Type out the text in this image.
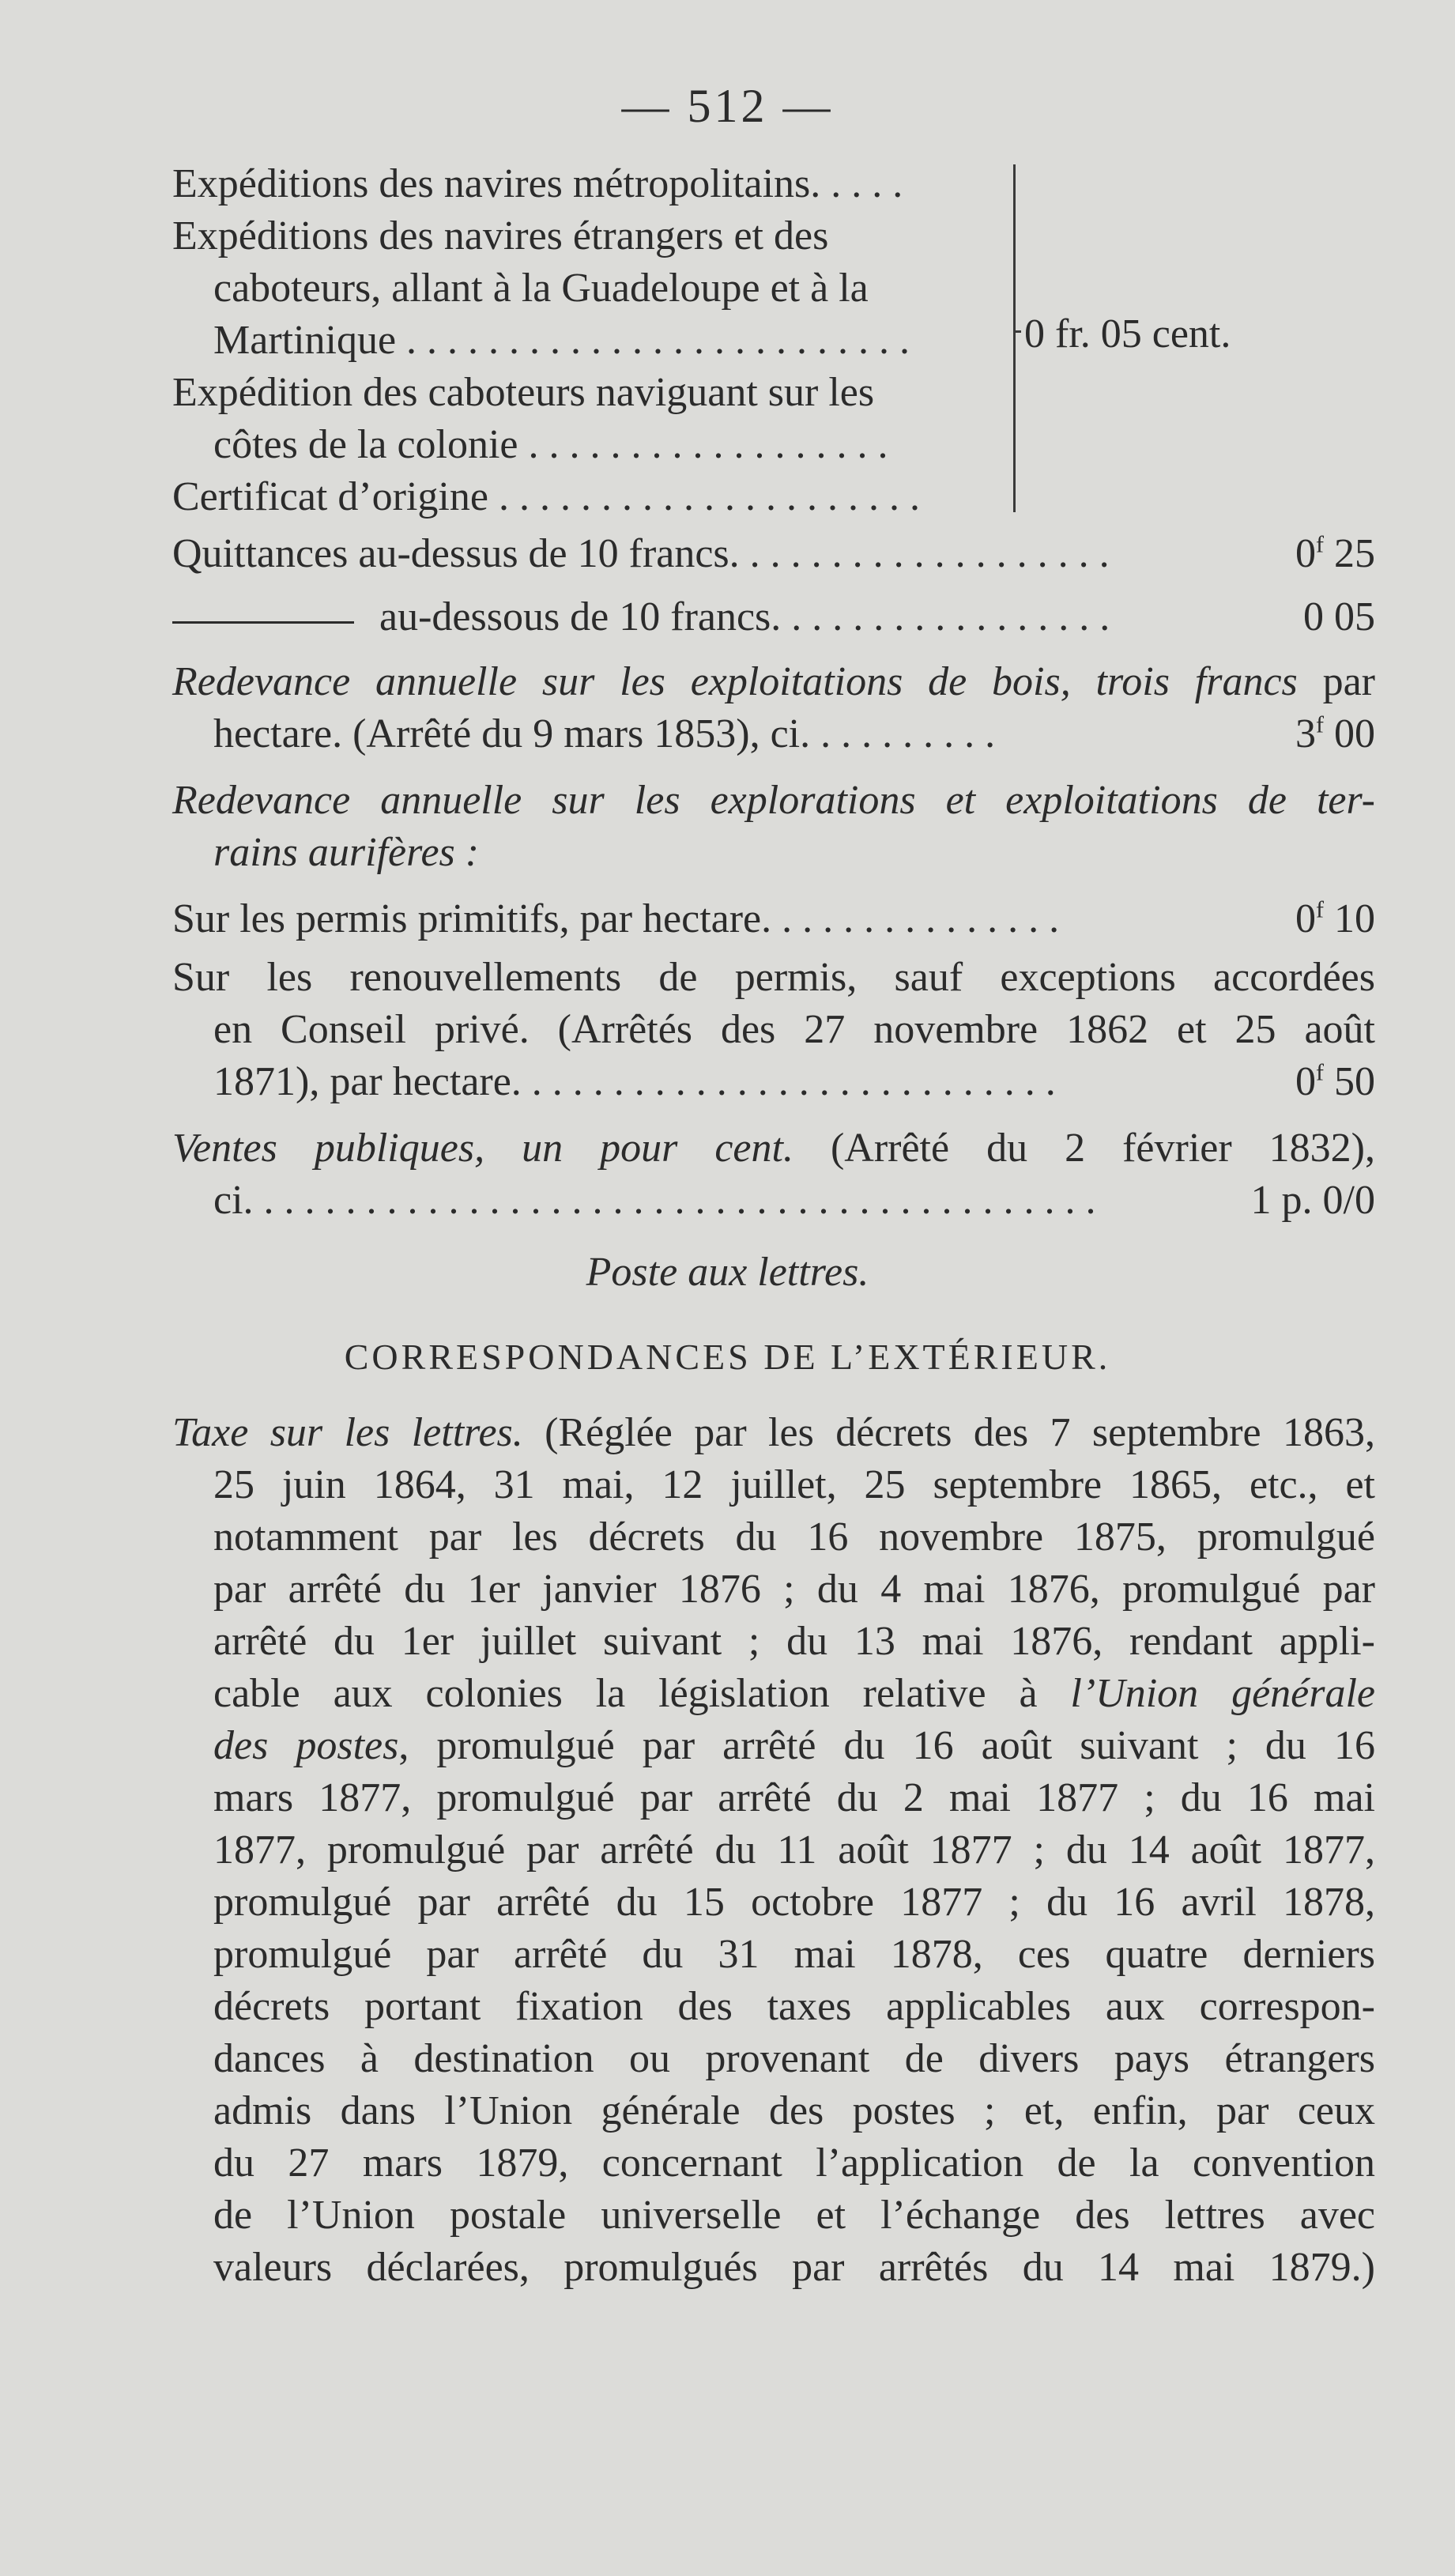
— 512 —
Expéditions des navires métropolitains. . . . .
Expéditions des navires étrangers et des
caboteurs, allant à la Guadeloupe et à la
Martinique . . . . . . . . . . . . . . . . . . . . . . . . .
Expédition des caboteurs naviguant sur les
côtes de la colonie . . . . . . . . . . . . . . . . . .
Certificat d’origine . . . . . . . . . . . . . . . . . . . . .
0 fr. 05 cent.
Quittances au-dessus de 10 francs. . . . . . . . . . . . . . . . . . .	0$^f$ 25
au-dessous de 10 francs. . . . . . . . . . . . . . . . .	0 05
Redevance annuelle sur les exploitations de bois, trois francs par
hectare. (Arrêté du 9 mars 1853), ci. . . . . . . . . .	3$^f$ 00
Redevance annuelle sur les explorations et exploitations de ter-
rains aurifères :
Sur les permis primitifs, par hectare. . . . . . . . . . . . . . .	0$^f$ 10
Sur les renouvellements de permis, sauf exceptions accordées
en Conseil privé. (Arrêtés des 27 novembre 1862 et 25 août
1871), par hectare. . . . . . . . . . . . . . . . . . . . . . . . . . .	0$^f$ 50
Ventes publiques, un pour cent. (Arrêté du 2 février 1832),
ci. . . . . . . . . . . . . . . . . . . . . . . . . . . . . . . . . . . . . . . . . .	1 p. 0/0
Poste aux lettres.
CORRESPONDANCES DE L’EXTÉRIEUR.
Taxe sur les lettres. (Réglée par les décrets des 7 septembre 1863,
25 juin 1864, 31 mai, 12 juillet, 25 septembre 1865, etc., et
notamment par les décrets du 16 novembre 1875, promulgué
par arrêté du 1er janvier 1876 ; du 4 mai 1876, promulgué par
arrêté du 1er juillet suivant ; du 13 mai 1876, rendant appli-
cable aux colonies la législation relative à l’Union générale
des postes, promulgué par arrêté du 16 août suivant ; du 16
mars 1877, promulgué par arrêté du 2 mai 1877 ; du 16 mai
1877, promulgué par arrêté du 11 août 1877 ; du 14 août 1877,
promulgué par arrêté du 15 octobre 1877 ; du 16 avril 1878,
promulgué par arrêté du 31 mai 1878, ces quatre derniers
décrets portant fixation des taxes applicables aux correspon-
dances à destination ou provenant de divers pays étrangers
admis dans l’Union générale des postes ; et, enfin, par ceux
du 27 mars 1879, concernant l’application de la convention
de l’Union postale universelle et l’échange des lettres avec
valeurs déclarées, promulgués par arrêtés du 14 mai 1879.)
